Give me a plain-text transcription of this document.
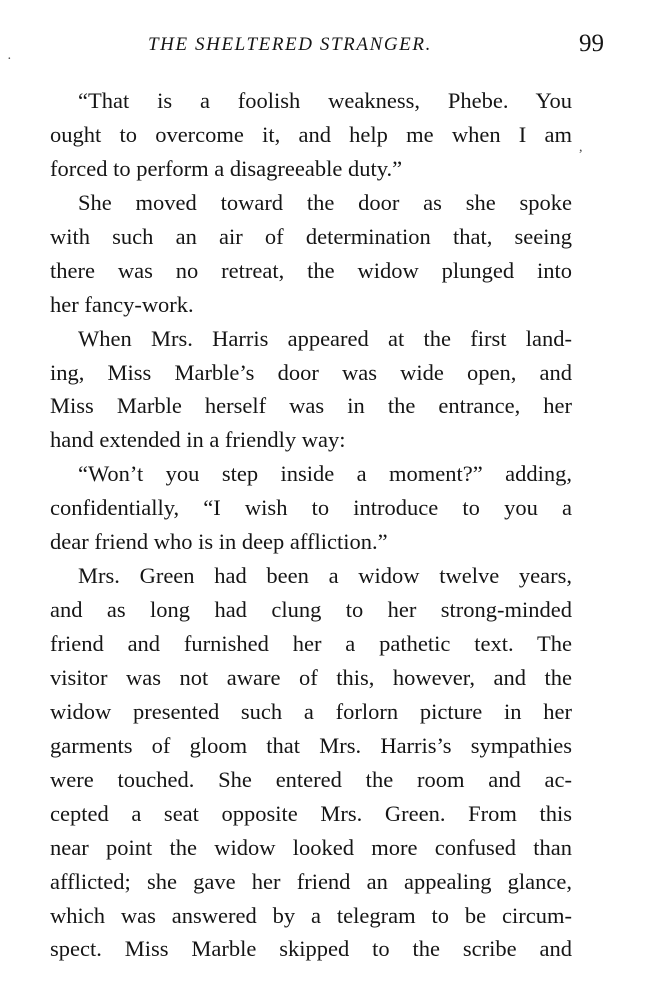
·
,
THE SHELTERED STRANGER.	99
“That is a foolish weakness, Phebe. You
ought to overcome it, and help me when I am
forced to perform a disagreeable duty.”
She moved toward the door as she spoke
with such an air of determination that, seeing
there was no retreat, the widow plunged into
her fancy-work.
When Mrs. Harris appeared at the first land-
ing, Miss Marble’s door was wide open, and
Miss Marble herself was in the entrance, her
hand extended in a friendly way:
“Won’t you step inside a moment?” adding,
confidentially, “I wish to introduce to you a
dear friend who is in deep affliction.”
Mrs. Green had been a widow twelve years,
and as long had clung to her strong-minded
friend and furnished her a pathetic text. The
visitor was not aware of this, however, and the
widow presented such a forlorn picture in her
garments of gloom that Mrs. Harris’s sympathies
were touched. She entered the room and ac-
cepted a seat opposite Mrs. Green. From this
near point the widow looked more confused than
afflicted; she gave her friend an appealing glance,
which was answered by a telegram to be circum-
spect. Miss Marble skipped to the scribe and
